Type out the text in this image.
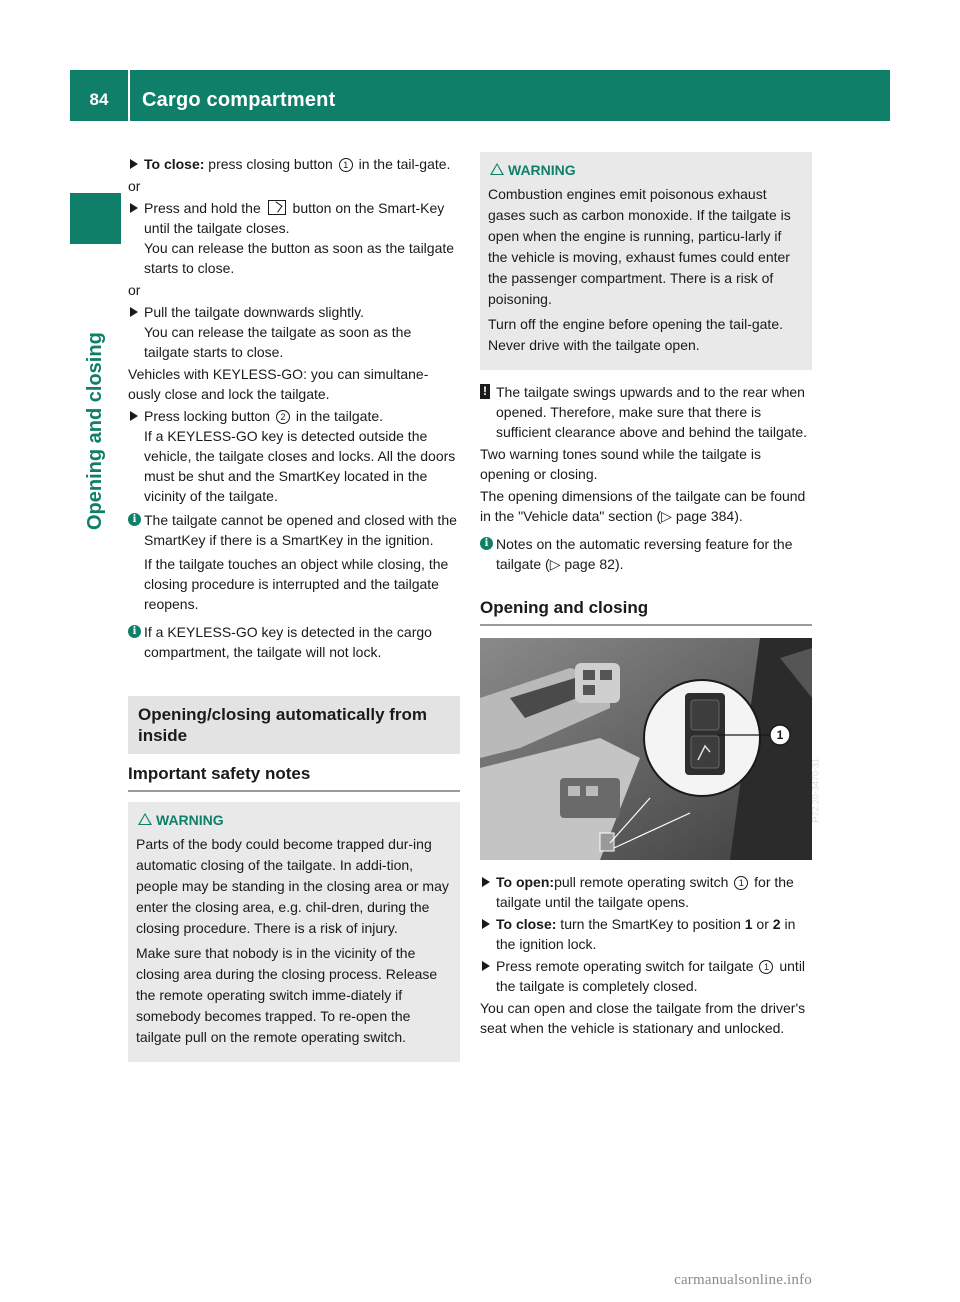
84	Cargo compartment
Opening and closing
To close: press closing button 1 in the tail-gate.

or

Press and hold the  button on the Smart-Key until the tailgate closes.

You can release the button as soon as the tailgate starts to close.

or

Pull the tailgate downwards slightly.

You can release the tailgate as soon as the tailgate starts to close.

Vehicles with KEYLESS-GO: you can simultane-ously close and lock the tailgate.

Press locking button 2 in the tailgate.

If a KEYLESS-GO key is detected outside the vehicle, the tailgate closes and locks. All the doors must be shut and the SmartKey located in the vicinity of the tailgate.

i The tailgate cannot be opened and closed with the SmartKey if there is a SmartKey in the ignition.

If the tailgate touches an object while closing, the closing procedure is interrupted and the tailgate reopens.

i If a KEYLESS-GO key is detected in the cargo compartment, the tailgate will not lock.

Opening/closing automatically from inside
Important safety notes
WARNING

Parts of the body could become trapped dur-ing automatic closing of the tailgate. In addi-tion, people may be standing in the closing area or may enter the closing area, e.g. chil-dren, during the closing procedure. There is a risk of injury.

Make sure that nobody is in the vicinity of the closing area during the closing process. Release the remote operating switch imme-diately if somebody becomes trapped. To re-open the tailgate pull on the remote operating switch.

WARNING

Combustion engines emit poisonous exhaust gases such as carbon monoxide. If the tailgate is open when the engine is running, particu-larly if the vehicle is moving, exhaust fumes could enter the passenger compartment. There is a risk of poisoning.

Turn off the engine before opening the tail-gate. Never drive with the tailgate open.

! The tailgate swings upwards and to the rear when opened. Therefore, make sure that there is sufficient clearance above and behind the tailgate.

Two warning tones sound while the tailgate is opening or closing.

The opening dimensions of the tailgate can be found in the "Vehicle data" section (▷ page 384).

i Notes on the automatic reversing feature for the tailgate (▷ page 82).

Opening and closing
1
P72.20-3470-31
To open:pull remote operating switch 1 for the tailgate until the tailgate opens.
To close: turn the SmartKey to position 1 or 2 in the ignition lock.
Press remote operating switch for tailgate 1 until the tailgate is completely closed.

You can open and close the tailgate from the driver's seat when the vehicle is stationary and unlocked.

carmanualsonline.info
